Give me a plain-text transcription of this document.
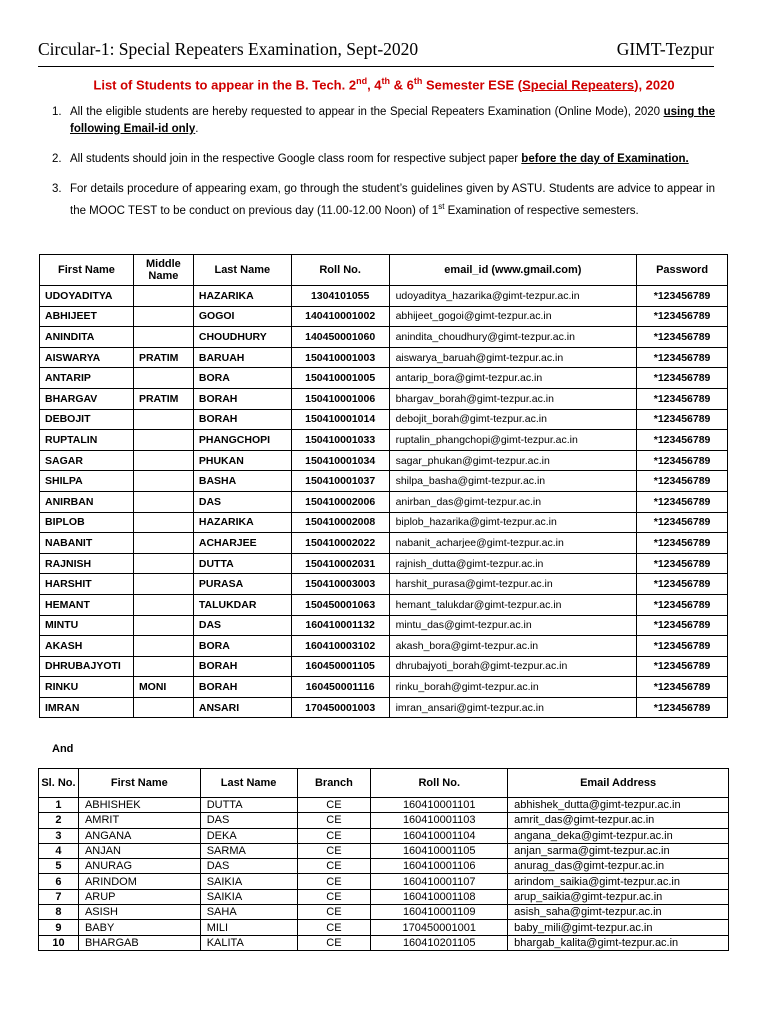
Circular-1: Special Repeaters Examination, Sept-2020	GIMT-Tezpur
List of Students to appear in the B. Tech. 2nd, 4th & 6th Semester ESE (Special Repeaters), 2020
1. All the eligible students are hereby requested to appear in the Special Repeaters Examination (Online Mode), 2020 using the following Email-id only.
2. All students should join in the respective Google class room for respective subject paper before the day of Examination.
3. For details procedure of appearing exam, go through the student’s guidelines given by ASTU. Students are advice to appear in the MOOC TEST to be conduct on previous day (11.00-12.00 Noon) of 1st Examination of respective semesters.
First Name	Middle Name	Last Name	Roll No.	email_id (www.gmail.com)	Password
UDOYADITYA		HAZARIKA	1304101055	udoyaditya_hazarika@gimt-tezpur.ac.in	*123456789
ABHIJEET		GOGOI	140410001002	abhijeet_gogoi@gimt-tezpur.ac.in	*123456789
ANINDITA		CHOUDHURY	140450001060	anindita_choudhury@gimt-tezpur.ac.in	*123456789
AISWARYA	PRATIM	BARUAH	150410001003	aiswarya_baruah@gimt-tezpur.ac.in	*123456789
ANTARIP		BORA	150410001005	antarip_bora@gimt-tezpur.ac.in	*123456789
BHARGAV	PRATIM	BORAH	150410001006	bhargav_borah@gimt-tezpur.ac.in	*123456789
DEBOJIT		BORAH	150410001014	debojit_borah@gimt-tezpur.ac.in	*123456789
RUPTALIN		PHANGCHOPI	150410001033	ruptalin_phangchopi@gimt-tezpur.ac.in	*123456789
SAGAR		PHUKAN	150410001034	sagar_phukan@gimt-tezpur.ac.in	*123456789
SHILPA		BASHA	150410001037	shilpa_basha@gimt-tezpur.ac.in	*123456789
ANIRBAN		DAS	150410002006	anirban_das@gimt-tezpur.ac.in	*123456789
BIPLOB		HAZARIKA	150410002008	biplob_hazarika@gimt-tezpur.ac.in	*123456789
NABANIT		ACHARJEE	150410002022	nabanit_acharjee@gimt-tezpur.ac.in	*123456789
RAJNISH		DUTTA	150410002031	rajnish_dutta@gimt-tezpur.ac.in	*123456789
HARSHIT		PURASA	150410003003	harshit_purasa@gimt-tezpur.ac.in	*123456789
HEMANT		TALUKDAR	150450001063	hemant_talukdar@gimt-tezpur.ac.in	*123456789
MINTU		DAS	160410001132	mintu_das@gimt-tezpur.ac.in	*123456789
AKASH		BORA	160410003102	akash_bora@gimt-tezpur.ac.in	*123456789
DHRUBAJYOTI		BORAH	160450001105	dhrubajyoti_borah@gimt-tezpur.ac.in	*123456789
RINKU	MONI	BORAH	160450001116	rinku_borah@gimt-tezpur.ac.in	*123456789
IMRAN		ANSARI	170450001003	imran_ansari@gimt-tezpur.ac.in	*123456789
And
Sl. No.	First Name	Last Name	Branch	Roll No.	Email Address
1	ABHISHEK	DUTTA	CE	160410001101	abhishek_dutta@gimt-tezpur.ac.in
2	AMRIT	DAS	CE	160410001103	amrit_das@gimt-tezpur.ac.in
3	ANGANA	DEKA	CE	160410001104	angana_deka@gimt-tezpur.ac.in
4	ANJAN	SARMA	CE	160410001105	anjan_sarma@gimt-tezpur.ac.in
5	ANURAG	DAS	CE	160410001106	anurag_das@gimt-tezpur.ac.in
6	ARINDOM	SAIKIA	CE	160410001107	arindom_saikia@gimt-tezpur.ac.in
7	ARUP	SAIKIA	CE	160410001108	arup_saikia@gimt-tezpur.ac.in
8	ASISH	SAHA	CE	160410001109	asish_saha@gimt-tezpur.ac.in
9	BABY	MILI	CE	170450001001	baby_mili@gimt-tezpur.ac.in
10	BHARGAB	KALITA	CE	160410201105	bhargab_kalita@gimt-tezpur.ac.in
